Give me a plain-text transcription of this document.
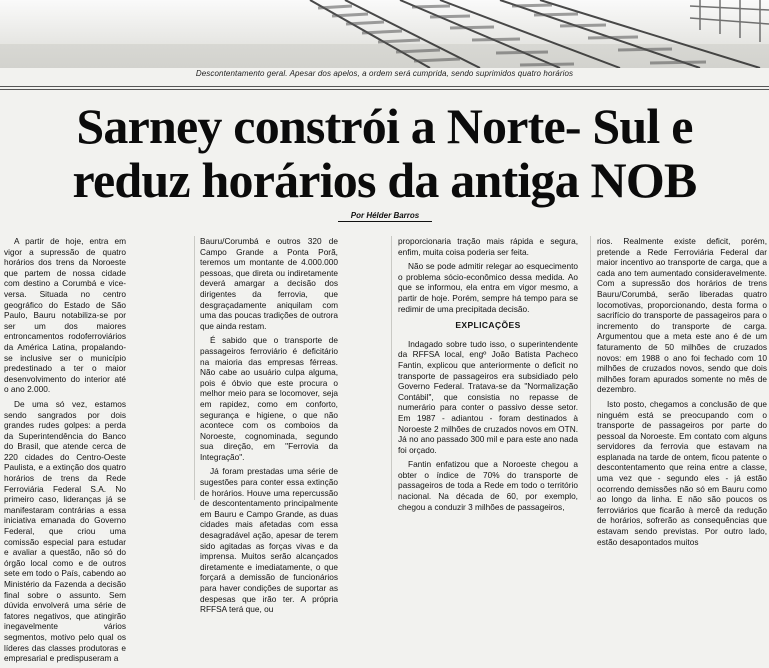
Descontentamento geral. Apesar dos apelos, a ordem será cumprida, sendo suprimidos quatro horários
Sarney constrói a Norte- Sul e
reduz horários da antiga NOB
Por Hélder Barros

A partir de hoje, entra em vigor a supressão de quatro horários dos trens da Noroeste que partem de nossa cidade com destino a Corumbá e vice-versa. Situada no centro geográfico do Estado de São Paulo, Bauru notabiliza-se por ser um dos maiores entroncamentos rodoferroviários da América Latina, propalando-se inclusive ser o município predestinado a ter o maior desenvolvimento do interior até o ano 2.000.

De uma só vez, estamos sendo sangrados por dois grandes rudes golpes: a perda da Superintendência do Banco do Brasil, que atende cerca de 220 cidades do Centro-Oeste Paulista, e a extinção dos quatro horários de trens da Rede Ferroviária Federal S.A. No primeiro caso, lideranças já se manifestaram contrárias a essa iniciativa emanada do Governo Federal, que criou uma comissão especial para estudar e avaliar a questão, não só do órgão local como e de outros sete em todo o País, cabendo ao Ministério da Fazenda a decisão final sobre o assunto. Sem dúvida envolverá uma série de fatores negativos, que atingirão inegavelmente vários segmentos, motivo pelo qual os líderes das classes produtoras e empresarial e predispuseram a

Bauru/Corumbá e outros 320 de Campo Grande a Ponta Porã, teremos um montante de 4.000.000 pessoas, que direta ou indiretamente deverá amargar a decisão dos dirigentes da ferrovia, que desgraçadamente aniquilam com uma das poucas tradições de outrora que ainda restam.

É sabido que o transporte de passageiros ferroviário é deficitário na maioria das empresas férreas. Não cabe ao usuário culpa alguma, pois é óbvio que este procura o melhor meio para se locomover, seja em rapidez, como em conforto, segurança e higiene, o que não acontece com os comboios da Noroeste, cognominada, segundo sua direção, em "Ferrovia da Integração".

Já foram prestadas uma série de sugestões para conter essa extinção de horários. Houve uma repercussão de descontentamento principalmente em Bauru e Campo Grande, as duas cidades mais afetadas com essa desagradável ação, apesar de terem sido agitadas as forças vivas e da imprensa. Muitos serão alcançados diretamente e imediatamente, o que forçará a demissão de funcionários para haver condições de suportar as despesas que irão ter. A própria RFFSA terá que, ou

proporcionaria tração mais rápida e segura, enfim, muita coisa poderia ser feita.

Não se pode admitir relegar ao esquecimento o problema sócio-econômico dessa medida. Ao que se informou, ela entra em vigor mesmo, a partir de hoje. Porém, sempre há tempo para se redimir de uma precipitada decisão.

EXPLICAÇÕES

Indagado sobre tudo isso, o superintendente da RFFSA local, engº João Batista Pacheco Fantin, explicou que anteriormente o deficit no transporte de passageiros era subsidiado pelo Governo Federal. Tratava-se da "Normalização Contábil", que consistia no repasse de numerário para conter o passivo desse setor. Em 1987 - adiantou - foram destinados à Noroeste 2 milhões de cruzados novos em OTN. Já no ano passado 300 mil e para este ano nada foi orçado.

Fantin enfatizou que a Noroeste chegou a obter o índice de 70% do transporte de passageiros de toda a Rede em todo o território nacional. Na década de 60, por exemplo, chegou a conduzir 3 milhões de passageiros,

rios. Realmente existe deficit, porém, pretende a Rede Ferroviária Federal dar maior incentivo ao transporte de carga, que a cada ano tem aumentado consideravelmente. Com a supressão dos horários de trens Bauru/Corumbá, serão liberadas quatro locomotivas, proporcionando, desta forma o sacrifício do transporte de passageiros para o incremento do transporte de carga. Argumentou que a meta este ano é de um faturamento de 50 milhões de cruzados novos: em 1988 o ano foi fechado com 10 milhões de cruzados novos, sendo que dois milhões foram apurados somente no mês de dezembro.

Isto posto, chegamos a conclusão de que ninguém está se preocupando com o transporte de passageiros por parte do pessoal da Noroeste. Em contato com alguns servidores da ferrovia que estavam na esplanada na tarde de ontem, ficou patente o descontentamento que reina entre a classe, uma vez que - segundo eles - já estão ocorrendo demissões não só em Bauru como ao longo da linha. E não são poucos os ferroviários que ficarão à mercê da redução de horários, sofrerão as consequências que estavam sendo previstas. Por outro lado, estão desapontados muitos
